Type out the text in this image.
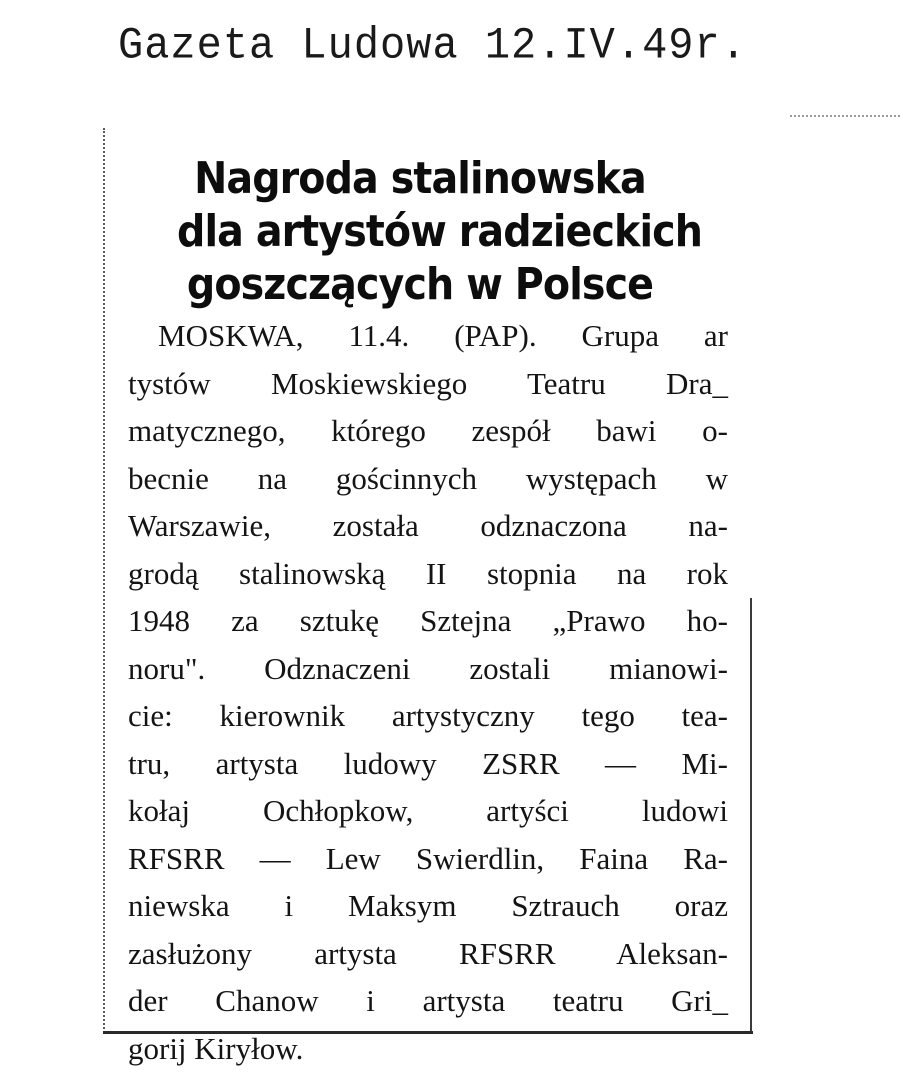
Gazeta Ludowa 12.IV.49r.
Nagroda stalinowska
dla artystów radzieckich
goszczących w Polsce
MOSKWA, 11.4. (PAP). Grupa ar
tystów Moskiewskiego Teatru Dra_
matycznego, którego zespół bawi o-
becnie na gościnnych występach w
Warszawie, została odznaczona na-
grodą stalinowską II stopnia na rok
1948 za sztukę Sztejna „Prawo ho-
noru". Odznaczeni zostali mianowi-
cie: kierownik artystyczny tego tea-
tru, artysta ludowy ZSRR — Mi-
kołaj Ochłopkow, artyści ludowi
RFSRR — Lew Swierdlin, Faina Ra-
niewska i Maksym Sztrauch oraz
zasłużony artysta RFSRR Aleksan-
der Chanow i artysta teatru Gri_
gorij Kiryłow.
